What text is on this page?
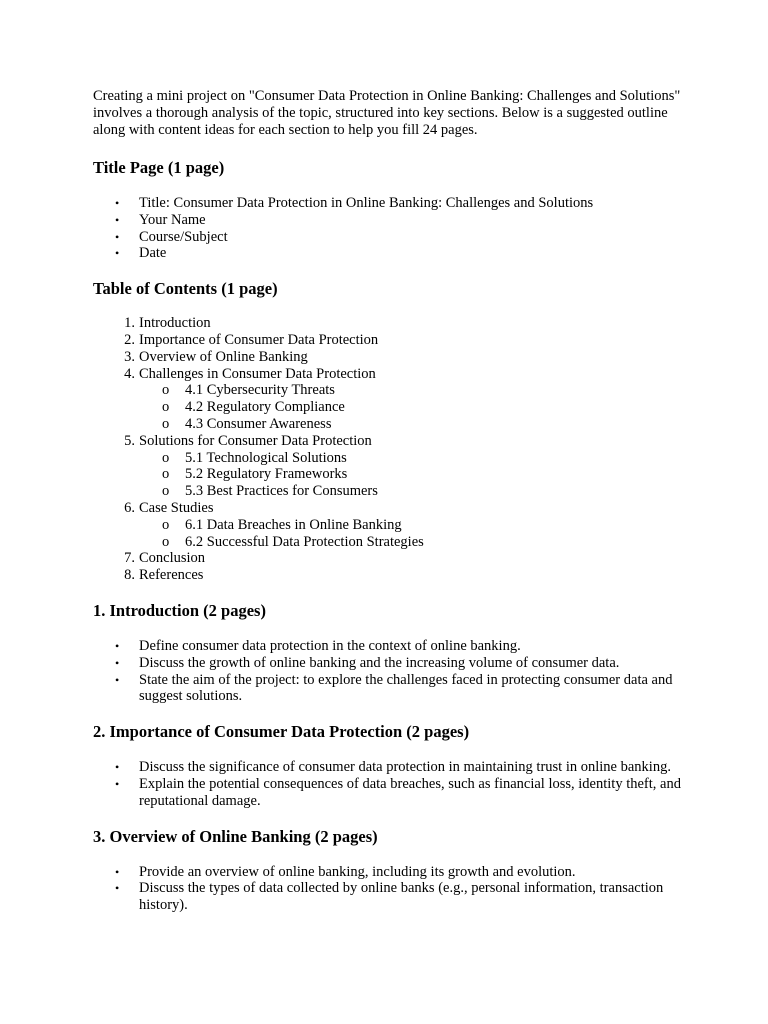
Creating a mini project on "Consumer Data Protection in Online Banking: Challenges and Solutions" involves a thorough analysis of the topic, structured into key sections. Below is a suggested outline along with content ideas for each section to help you fill 24 pages.

Title Page (1 page)
• Title: Consumer Data Protection in Online Banking: Challenges and Solutions
• Your Name
• Course/Subject
• Date
Table of Contents (1 page)
1. Introduction
2. Importance of Consumer Data Protection
3. Overview of Online Banking
4. Challenges in Consumer Data Protection
o 4.1 Cybersecurity Threats
o 4.2 Regulatory Compliance
o 4.3 Consumer Awareness
5. Solutions for Consumer Data Protection
o 5.1 Technological Solutions
o 5.2 Regulatory Frameworks
o 5.3 Best Practices for Consumers
6. Case Studies
o 6.1 Data Breaches in Online Banking
o 6.2 Successful Data Protection Strategies
7. Conclusion
8. References
1. Introduction (2 pages)
• Define consumer data protection in the context of online banking.
• Discuss the growth of online banking and the increasing volume of consumer data.
• State the aim of the project: to explore the challenges faced in protecting consumer data and suggest solutions.
2. Importance of Consumer Data Protection (2 pages)
• Discuss the significance of consumer data protection in maintaining trust in online banking.
• Explain the potential consequences of data breaches, such as financial loss, identity theft, and reputational damage.
3. Overview of Online Banking (2 pages)
• Provide an overview of online banking, including its growth and evolution.
• Discuss the types of data collected by online banks (e.g., personal information, transaction history).
